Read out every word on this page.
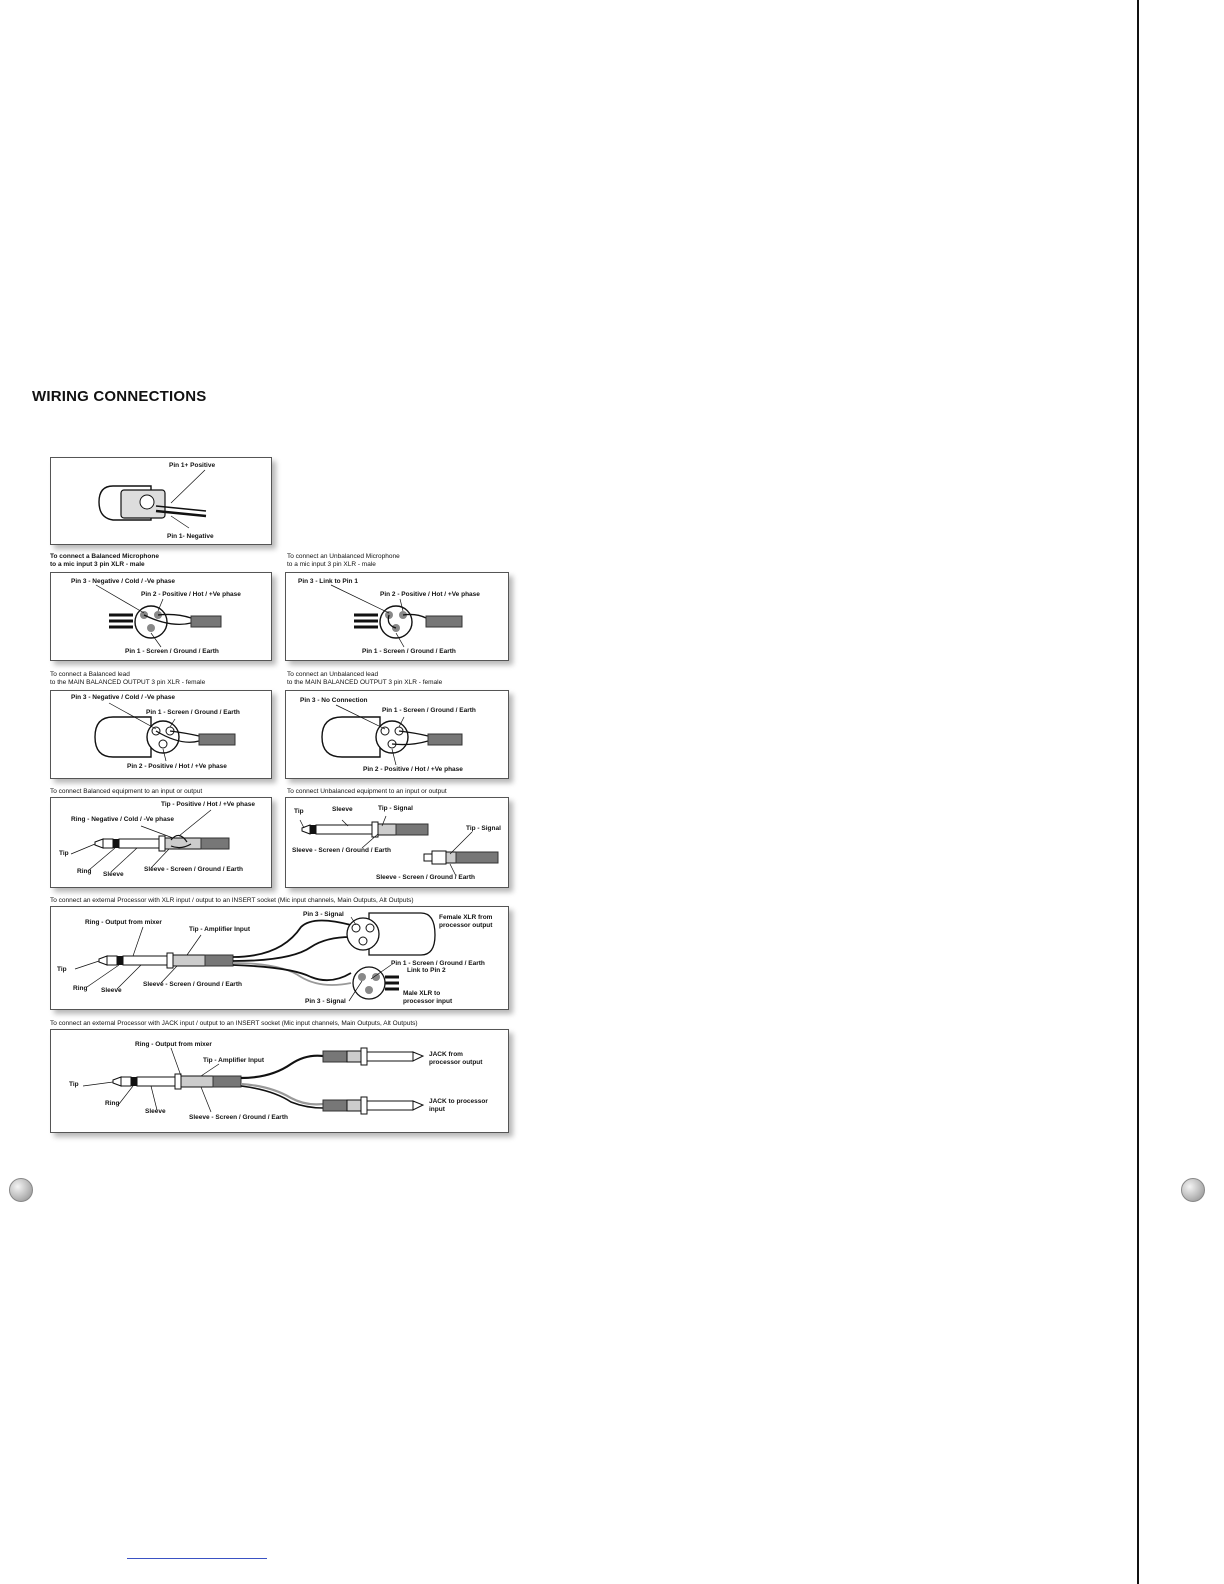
WIRING CONNECTIONS
Pin 1+ Positive
Pin 1- Negative
To connect a Balanced Microphone
to a mic input 3 pin XLR - male
Pin 3 - Negative / Cold / -Ve phase
Pin 2 - Positive / Hot / +Ve phase
Pin 1 - Screen / Ground / Earth
To connect an Unbalanced Microphone
to a mic input 3 pin XLR - male
Pin 3 - Link to Pin 1
Pin 2 - Positive / Hot / +Ve phase
Pin 1 - Screen / Ground / Earth
To connect a Balanced lead
to the MAIN BALANCED OUTPUT 3 pin XLR - female
Pin 3 - Negative / Cold / -Ve phase
Pin 1 - Screen / Ground / Earth
Pin 2 - Positive / Hot / +Ve phase
To connect an Unbalanced lead
to the MAIN BALANCED OUTPUT 3 pin XLR - female
Pin 3 - No Connection
Pin 1 - Screen / Ground / Earth
Pin 2 - Positive / Hot / +Ve phase
To connect Balanced equipment to an input or output
Tip - Positive / Hot / +Ve phase
Ring - Negative / Cold / -Ve phase
Tip
Ring Sleeve
Sleeve - Screen / Ground / Earth
To connect Unbalanced equipment to an input or output
Tip	Sleeve	Tip - Signal
Sleeve - Screen / Ground / Earth
Tip - Signal
Sleeve - Screen / Ground / Earth
To connect an external Processor with XLR input / output to an INSERT socket (Mic input channels, Main Outputs, Alt Outputs)
Ring - Output from mixer
Tip - Amplifier Input
Tip
Ring Sleeve
Sleeve - Screen / Ground / Earth
Pin 3 - Signal	Female XLR from processor output
Pin 1 - Screen / Ground / Earth
Link to Pin 2
Male XLR to processor input
Pin 3 - Signal
To connect an external Processor with JACK input / output to an INSERT socket (Mic input channels, Main Outputs, Alt Outputs)
Ring - Output from mixer
Tip - Amplifier Input
Tip
Ring
Sleeve
Sleeve - Screen / Ground / Earth
JACK from processor output
JACK to processor input
